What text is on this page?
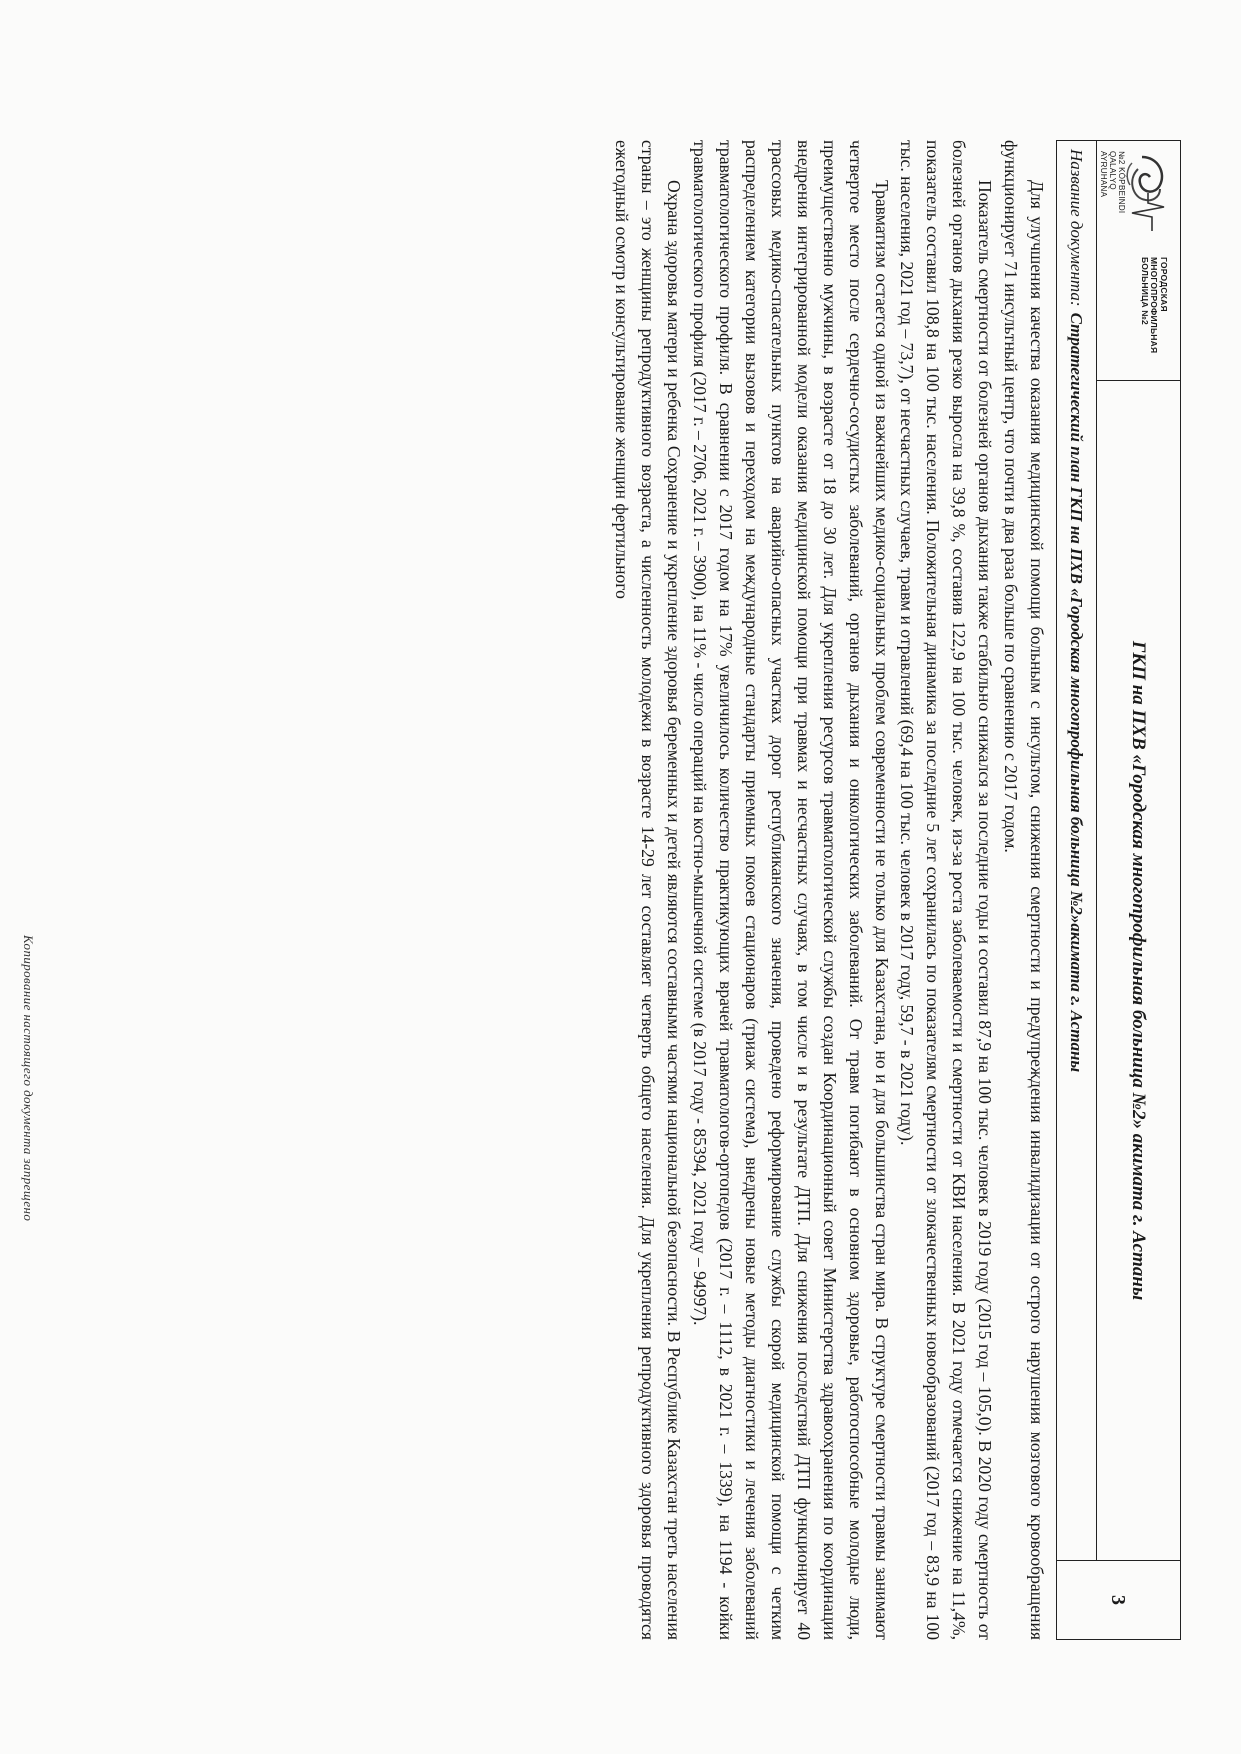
№2 KÓPBEINDI
QALALYQ
AYRUHANA
ГОРОДСКАЯ
МНОГОПРОФИЛЬНАЯ
БОЛЬНИЦА №2
ГКП на ПХВ «Городская многопрофильная больница №2» акимата г. Астаны
3
Название документа:
Стратегический план ГКП на ПХВ «Городская многопрофильная больница №2»акимата г. Астаны

Для улучшения качества оказания медицинской помощи больным с инсультом, снижения смертности и предупреждения инвалидизации от острого нарушения мозгового кровообращения функционирует 71 инсультный центр, что почти в два раза больше по сравнению с 2017 годом.

Показатель смертности от болезней органов дыхания также стабильно снижался за последние годы и составил 87,9 на 100 тыс. человек в 2019 году (2015 год – 105,0). В 2020 году смертность от болезней органов дыхания резко выросла на 39,8 %, составив 122,9 на 100 тыс. человек, из-за роста заболеваемости и смертности от КВИ населения. В 2021 году отмечается снижение на 11,4%, показатель составил 108,8 на 100 тыс. населения. Положительная динамика за последние 5 лет сохранилась по показателям смертности от злокачественных новообразований (2017 год – 83,9 на 100 тыс. населения, 2021 год – 73,7), от несчастных случаев, травм и отравлений (69,4 на 100 тыс. человек в 2017 году, 59,7 - в 2021 году).

Травматизм остается одной из важнейших медико-социальных проблем современности не только для Казахстана, но и для большинства стран мира. В структуре смертности травмы занимают четвертое место после сердечно-сосудистых заболеваний, органов дыхания и онкологических заболеваний. От травм погибают в основном здоровые, работоспособные молодые люди, преимущественно мужчины, в возрасте от 18 до 30 лет. Для укрепления ресурсов травматологической службы создан Координационный совет Министерства здравоохранения по координации внедрения интегрированной модели оказания медицинской помощи при травмах и несчастных случаях, в том числе и в результате ДТП. Для снижения последствий ДТП функционирует 40 трассовых медико-спасательных пунктов на аварийно-опасных участках дорог республиканского значения, проведено реформирование службы скорой медицинской помощи с четким распределением категории вызовов и переходом на международные стандарты приемных покоев стационаров (триаж система), внедрены новые методы диагностики и лечения заболеваний травматологического профиля. В сравнении с 2017 годом на 17% увеличилось количество практикующих врачей травматологов-ортопедов (2017 г. – 1112, в 2021 г. – 1339), на 1194 - койки травматологического профиля (2017 г. – 2706, 2021 г. – 3900), на 11% - число операций на костно-мышечной системе (в 2017 году - 85394, 2021 году – 94997).

Охрана здоровья матери и ребенка Сохранение и укрепление здоровья беременных и детей являются составными частями национальной безопасности. В Республике Казахстан треть населения страны – это женщины репродуктивного возраста, а численность молодежи в возрасте 14-29 лет составляет четверть общего населения. Для укрепления репродуктивного здоровья проводятся ежегодный осмотр и консультирование женщин фертильного

Копирование настоящего документа запрещено
